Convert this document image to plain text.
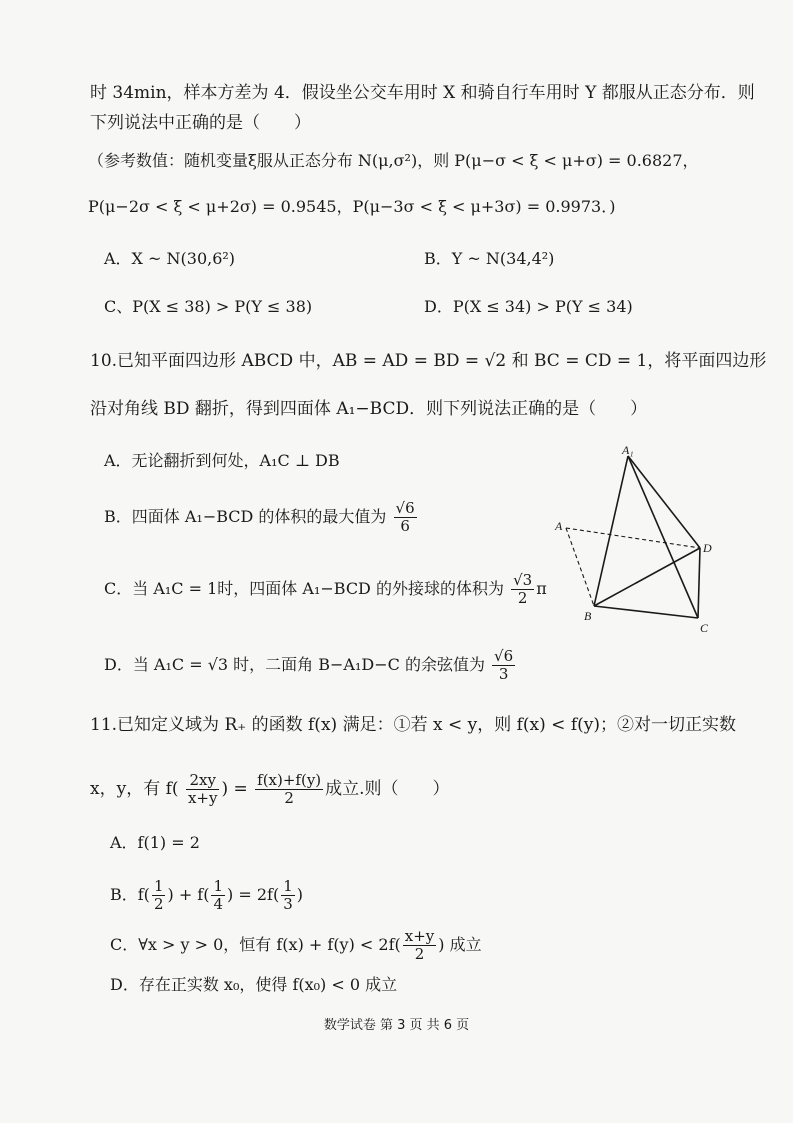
时 34min，样本方差为 4．假设坐公交车用时 X 和骑自行车用时 Y 都服从正态分布．则
下列说法中正确的是（　　）
（参考数值：随机变量ξ服从正态分布 N(μ,σ²)，则 P(μ−σ < ξ < μ+σ) = 0.6827，
P(μ−2σ < ξ < μ+2σ) = 0.9545，P(μ−3σ < ξ < μ+3σ) = 0.9973．)
A．X ~ N(30,6²)	B．Y ~ N(34,4²)
C、P(X ≤ 38) > P(Y ≤ 38)	D．P(X ≤ 34) > P(Y ≤ 34)
10.已知平面四边形 ABCD 中，AB = AD = BD = √2 和 BC = CD = 1，将平面四边形
沿对角线 BD 翻折，得到四面体 A₁−BCD．则下列说法正确的是（　　）
A．无论翻折到何处，A₁C ⊥ DB
B．四面体 A₁−BCD 的体积的最大值为 $\frac{√6}{6}$
C．当 A₁C = 1时，四面体 A₁−BCD 的外接球的体积为 $\frac{√3}{2}$ π
D．当 A₁C = √3 时，二面角 B−A₁D−C 的余弦值为 $\frac{√6}{3}$
A₁
A
B
C
D
11.已知定义域为 R₊ 的函数 f(x) 满足：①若 x < y，则 f(x) < f(y)；②对一切正实数
x，y，有 $f( \frac{2xy}{x+y}$ ) = $\frac{f(x)+f(y)}{2}$ 成立.则（　　）
A．f(1) = 2
B．$f( \frac{1}{2}$ ) + $f( \frac{1}{4}$ ) = $2f( \frac{1}{3}$ )
C．∀x > y > 0，恒有 $f(x) + f(y) < 2f( \frac{x+y}{2}$ ) 成立
D．存在正实数 x₀，使得 f(x₀) < 0 成立
数学试卷 第 3 页 共 6 页
